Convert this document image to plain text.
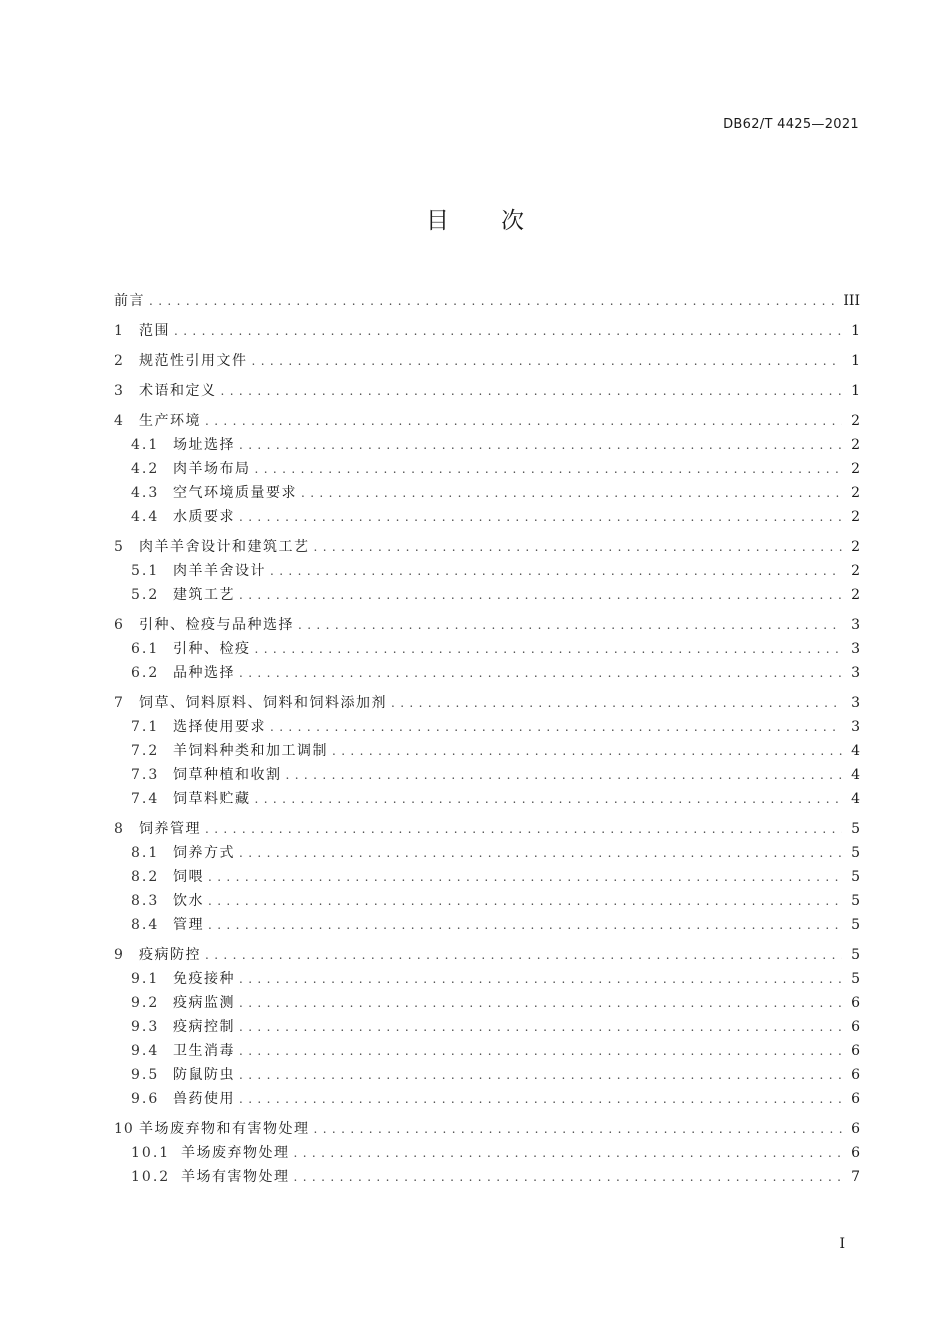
DB62/T 4425—2021
目次
前言 .....	III
1	范围 .....	1
2	规范性引用文件 .....	1
3	术语和定义 .....	1
4	生产环境 .....	2
4.1 场址选择 .....	2
4.2 肉羊场布局 .....	2
4.3 空气环境质量要求 .....	2
4.4 水质要求 .....	2
5	肉羊羊舍设计和建筑工艺 .....	2
5.1 肉羊羊舍设计 .....	2
5.2 建筑工艺 .....	2
6	引种、检疫与品种选择 .....	3
6.1 引种、检疫 .....	3
6.2 品种选择 .....	3
7	饲草、饲料原料、饲料和饲料添加剂 .....	3
7.1 选择使用要求 .....	3
7.2 羊饲料种类和加工调制 .....	4
7.3 饲草种植和收割 .....	4
7.4 饲草料贮藏 .....	4
8	饲养管理 .....	5
8.1 饲养方式 .....	5
8.2 饲喂 .....	5
8.3 饮水 .....	5
8.4 管理 .....	5
9	疫病防控 .....	5
9.1 免疫接种 .....	5
9.2 疫病监测 .....	6
9.3 疫病控制 .....	6
9.4 卫生消毒 .....	6
9.5 防鼠防虫 .....	6
9.6 兽药使用 .....	6
10 羊场废弃物和有害物处理 .....	6
10.1 羊场废弃物处理 .....	6
10.2 羊场有害物处理 .....	7
I
